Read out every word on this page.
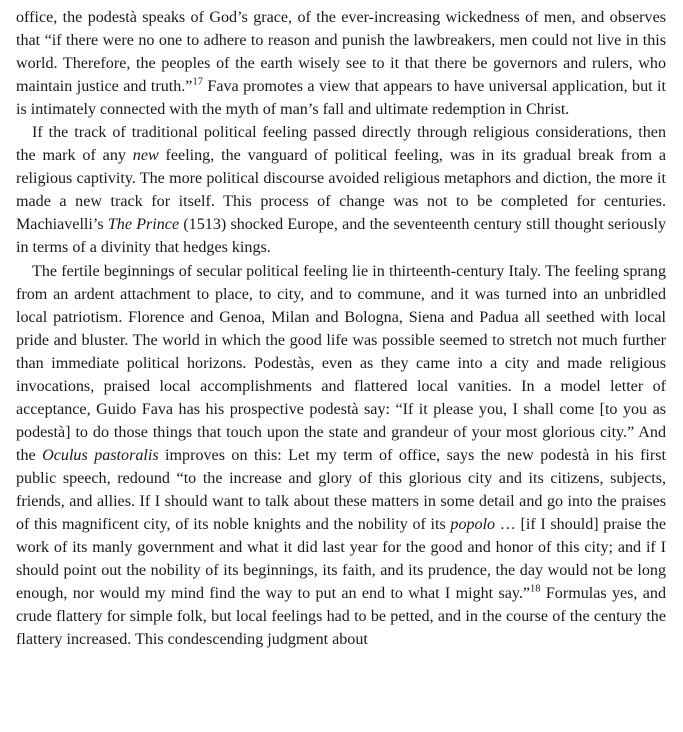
office, the podestà speaks of God’s grace, of the ever-increasing wickedness of men, and observes that “if there were no one to adhere to reason and punish the lawbreakers, men could not live in this world. Therefore, the peoples of the earth wisely see to it that there be governors and rulers, who maintain justice and truth.”$^{17}$ Fava promotes a view that appears to have universal application, but it is intimately connected with the myth of man’s fall and ultimate redemption in Christ.

If the track of traditional political feeling passed directly through religious considerations, then the mark of any new feeling, the vanguard of political feeling, was in its gradual break from a religious captivity. The more political discourse avoided religious metaphors and diction, the more it made a new track for itself. This process of change was not to be completed for centuries. Machiavelli’s The Prince (1513) shocked Europe, and the seventeenth century still thought seriously in terms of a divinity that hedges kings.

The fertile beginnings of secular political feeling lie in thirteenth-century Italy. The feeling sprang from an ardent attachment to place, to city, and to commune, and it was turned into an unbridled local patriotism. Florence and Genoa, Milan and Bologna, Siena and Padua all seethed with local pride and bluster. The world in which the good life was possible seemed to stretch not much further than immediate political horizons. Podestàs, even as they came into a city and made religious invocations, praised local accomplishments and flattered local vanities. In a model letter of acceptance, Guido Fava has his prospective podestà say: “If it please you, I shall come [to you as podestà] to do those things that touch upon the state and grandeur of your most glorious city.” And the Oculus pastoralis improves on this: Let my term of office, says the new podestà in his first public speech, redound “to the increase and glory of this glorious city and its citizens, subjects, friends, and allies. If I should want to talk about these matters in some detail and go into the praises of this magnificent city, of its noble knights and the nobility of its popolo … [if I should] praise the work of its manly government and what it did last year for the good and honor of this city; and if I should point out the nobility of its beginnings, its faith, and its prudence, the day would not be long enough, nor would my mind find the way to put an end to what I might say.”$^{18}$ Formulas yes, and crude flattery for simple folk, but local feelings had to be petted, and in the course of the century the flattery increased. This condescending judgment about
